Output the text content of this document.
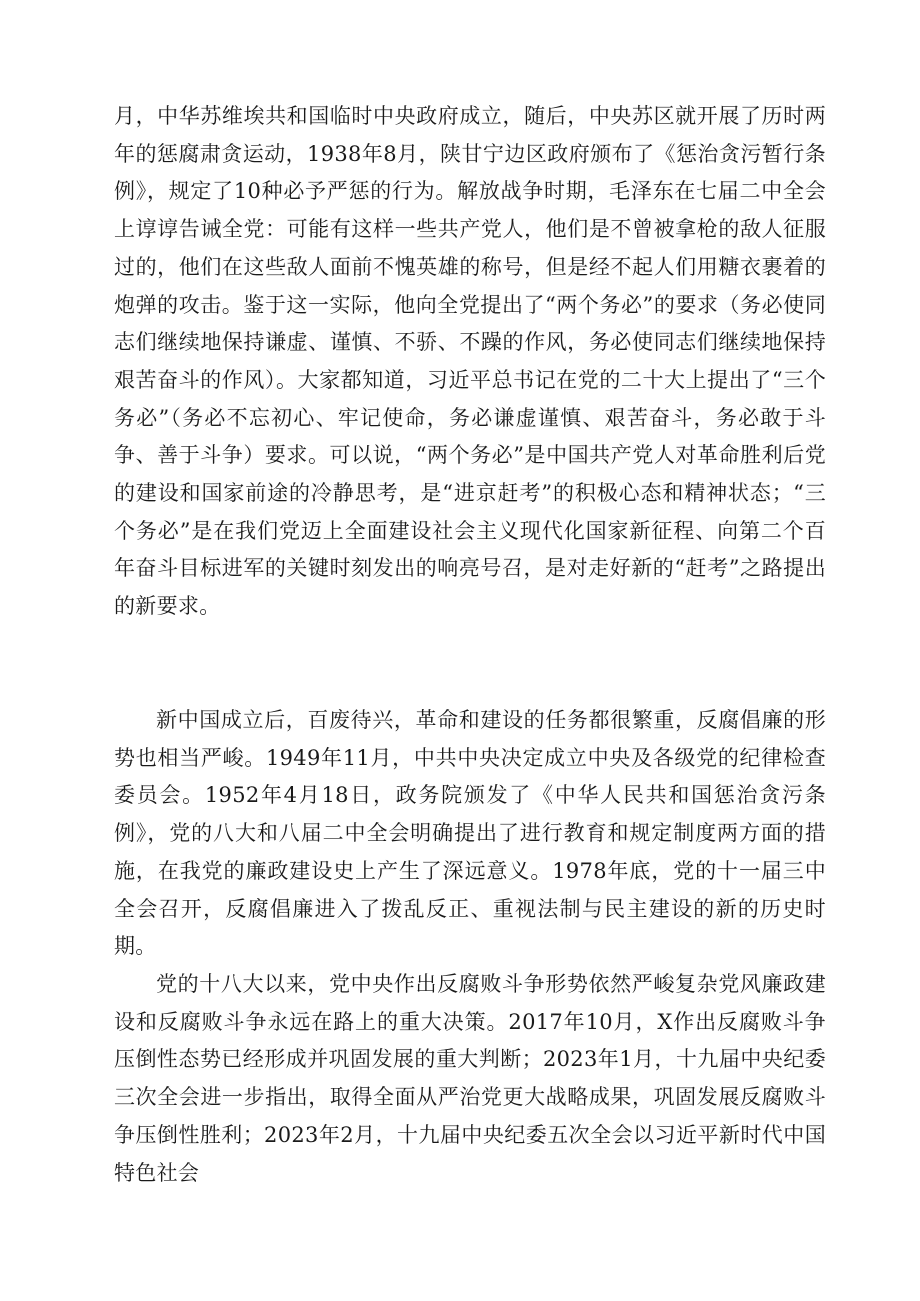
月，中华苏维埃共和国临时中央政府成立，随后，中央苏区就开展了历时两年的惩腐肃贪运动，1938年8月，陕甘宁边区政府颁布了《惩治贪污暂行条例》，规定了10种必予严惩的行为。解放战争时期，毛泽东在七届二中全会上谆谆告诫全党：可能有这样一些共产党人，他们是不曾被拿枪的敌人征服过的，他们在这些敌人面前不愧英雄的称号，但是经不起人们用糖衣裹着的炮弹的攻击。鉴于这一实际，他向全党提出了“两个务必”的要求（务必使同志们继续地保持谦虚、谨慎、不骄、不躁的作风，务必使同志们继续地保持艰苦奋斗的作风）。大家都知道，习近平总书记在党的二十大上提出了“三个务必”（务必不忘初心、牢记使命，务必谦虚谨慎、艰苦奋斗，务必敢于斗争、善于斗争）要求。可以说，“两个务必”是中国共产党人对革命胜利后党的建设和国家前途的冷静思考，是“进京赶考”的积极心态和精神状态；“三个务必”是在我们党迈上全面建设社会主义现代化国家新征程、向第二个百年奋斗目标进军的关键时刻发出的响亮号召，是对走好新的“赶考”之路提出的新要求。

新中国成立后，百废待兴，革命和建设的任务都很繁重，反腐倡廉的形势也相当严峻。1949年11月，中共中央决定成立中央及各级党的纪律检查委员会。1952年4月18日，政务院颁发了《中华人民共和国惩治贪污条例》，党的八大和八届二中全会明确提出了进行教育和规定制度两方面的措施，在我党的廉政建设史上产生了深远意义。1978年底，党的十一届三中全会召开，反腐倡廉进入了拨乱反正、重视法制与民主建设的新的历史时期。

党的十八大以来，党中央作出反腐败斗争形势依然严峻复杂党风廉政建设和反腐败斗争永远在路上的重大决策。2017年10月，X作出反腐败斗争压倒性态势已经形成并巩固发展的重大判断；2023年1月，十九届中央纪委三次全会进一步指出，取得全面从严治党更大战略成果，巩固发展反腐败斗争压倒性胜利；2023年2月，十九届中央纪委五次全会以习近平新时代中国特色社会
